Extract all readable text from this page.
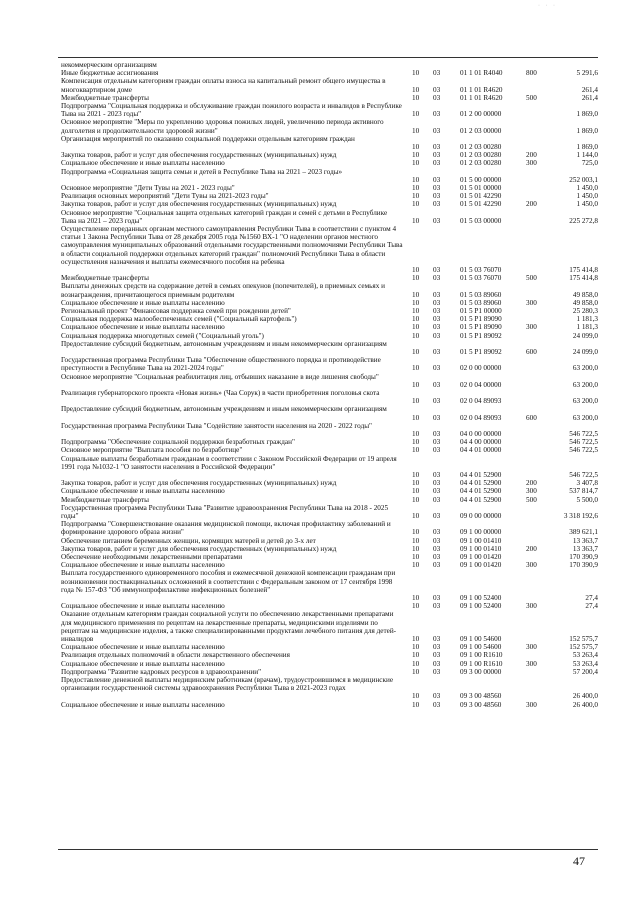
· · ·
некоммерческим организациям
Иные бюджетные ассигнования	10 03	01 1 01 R4040	800	5 291,6
Компенсация отдельным категориям граждан оплаты взноса на капитальный ремонт общего имущества в многоквартирном доме	10 03	01 1 01 R4620	261,4
Межбюджетные трансферты	10 03	01 1 01 R4620	500	261,4
Подпрограмма "Социальная поддержка и обслуживание граждан пожилого возраста и инвалидов в Республике Тыва на 2021 - 2023 годы"	10 03	01 2 00 00000	1 869,0
Основное мероприятие "Меры по укреплению здоровья пожилых людей, увеличению периода активного долголетия и продолжительности здоровой жизни"	10 03	01 2 03 00000	1 869,0
Организация мероприятий по оказанию социальной поддержки отдельным категориям граждан
10 03	01 2 03 00280	1 869,0
Закупка товаров, работ и услуг для обеспечения государственных (муниципальных) нужд	10 03	01 2 03 00280	200	1 144,0
Социальное обеспечение и иные выплаты населению	10 03	01 2 03 00280	300	725,0
Подпрограмма «Социальная защита семьи и детей в Республике Тыва на 2021 – 2023 годы»
10 03	01 5 00 00000	252 003,1
Основное мероприятие "Дети Тувы на 2021 - 2023 годы"	10 03	01 5 01 00000	1 450,0
Реализация основных мероприятий "Дети Тувы на 2021-2023 годы"	10 03	01 5 01 42290	1 450,0
Закупка товаров, работ и услуг для обеспечения государственных (муниципальных) нужд	10 03	01 5 01 42290	200	1 450,0
Основное мероприятие "Социальная защита отдельных категорий граждан и семей с детьми в Республике Тыва на 2021 – 2023 годы"	10 03	01 5 03 00000	225 272,8
Осуществление переданных органам местного самоуправления Республики Тыва в соответствии с пунктом 4 статьи 1 Закона Республики Тыва от 28 декабря 2005 года №1560 ВХ-1 "О наделении органов местного самоуправления муниципальных образований отдельными государственными полномочиями Республики Тыва в области социальной поддержки отдельных категорий граждан" полномочий Республики Тыва в области осуществления назначения и выплаты ежемесячного пособия на ребенка
10 03	01 5 03 76070	175 414,8
Межбюджетные трансферты	10 03	01 5 03 76070	500	175 414,8
Выплаты денежных средств на содержание детей в семьях опекунов (попечителей), в приемных семьях и вознаграждения, причитающегося приемным родителям	10 03	01 5 03 89060	49 858,0
Социальное обеспечение и иные выплаты населению	10 03	01 5 03 89060	300	49 858,0
Региональный проект "Финансовая поддержка семей при рождении детей"	10 03	01 5 P1 00000	25 280,3
Социальная поддержка малообеспеченных семей ("Социальный картофель")	10 03	01 5 P1 89090	1 181,3
Социальное обеспечение и иные выплаты населению	10 03	01 5 P1 89090	300	1 181,3
Социальная поддержка многодетных семей ("Социальный уголь")	10 03	01 5 P1 89092	24 099,0
Предоставление субсидий бюджетным, автономным учреждениям и иным некоммерческим организациям
10 03	01 5 P1 89092	600	24 099,0
Государственная программа Республики Тыва "Обеспечение общественного порядка и противодействие преступности в Республике Тыва на 2021-2024 годы"	10 03	02 0 00 00000	63 200,0
Основное мероприятие "Социальная реабилитация лиц, отбывших наказание в виде лишения свободы"
10 03	02 0 04 00000	63 200,0
Реализация губернаторского проекта «Новая жизнь» (Чаа Сорук) в части приобретения поголовья скота
10 03	02 0 04 89093	63 200,0
Предоставление субсидий бюджетным, автономным учреждениям и иным некоммерческим организациям
10 03	02 0 04 89093	600	63 200,0
Государственная программа Республики Тыва "Содействие занятости населения на 2020 - 2022 годы"
10 03	04 0 00 00000	546 722,5
Подпрограмма "Обеспечение социальной поддержки безработных граждан"	10 03	04 4 00 00000	546 722,5
Основное мероприятие "Выплата пособия по безработице"	10 03	04 4 01 00000	546 722,5
Социальные выплаты безработным гражданам в соответствии с Законом Российской Федерации от 19 апреля 1991 года №1032-1 "О занятости населения в Российской Федерации"
10 03	04 4 01 52900	546 722,5
Закупка товаров, работ и услуг для обеспечения государственных (муниципальных) нужд	10 03	04 4 01 52900	200	3 407,8
Социальное обеспечение и иные выплаты населению	10 03	04 4 01 52900	300	537 814,7
Межбюджетные трансферты	10 03	04 4 01 52900	500	5 500,0
Государственная программа Республики Тыва "Развитие здравоохранения Республики Тыва на 2018 - 2025 годы"	10 03	09 0 00 00000	3 318 192,6
Подпрограмма "Совершенствование оказания медицинской помощи, включая профилактику заболеваний и формирование здорового образа жизни"	10 03	09 1 00 00000	389 621,1
Обеспечение питанием беременных женщин, кормящих матерей и детей до 3-х лет	10 03	09 1 00 01410	13 363,7
Закупка товаров, работ и услуг для обеспечения государственных (муниципальных) нужд	10 03	09 1 00 01410	200	13 363,7
Обеспечение необходимыми лекарственными препаратами	10 03	09 1 00 01420	170 390,9
Социальное обеспечение и иные выплаты населению	10 03	09 1 00 01420	300	170 390,9
Выплата государственного единовременного пособия и ежемесячной денежной компенсации гражданам при возникновении поствакцинальных осложнений в соответствии с Федеральным законом от 17 сентября 1998 года № 157-ФЗ "Об иммунопрофилактике инфекционных болезней"
10 03	09 1 00 52400	27,4
Социальное обеспечение и иные выплаты населению	10 03	09 1 00 52400	300	27,4
Оказание отдельным категориям граждан социальной услуги по обеспечению лекарственными препаратами для медицинского применения по рецептам на лекарственные препараты, медицинскими изделиями по рецептам на медицинские изделия, а также специализированными продуктами лечебного питания для детей-инвалидов	10 03	09 1 00 54600	152 575,7
Социальное обеспечение и иные выплаты населению	10 03	09 1 00 54600	300	152 575,7
Реализация отдельных полномочий в области лекарственного обеспечения	10 03	09 1 00 R1610	53 263,4
Социальное обеспечение и иные выплаты населению	10 03	09 1 00 R1610	300	53 263,4
Подпрограмма "Развитие кадровых ресурсов в здравоохранении"	10 03	09 3 00 00000	57 200,4
Предоставление денежной выплаты медицинским работникам (врачам), трудоустроившимся в медицинские организации государственной системы здравоохранения Республики Тыва в 2021-2023 годах
10 03	09 3 00 48560	26 400,0
Социальное обеспечение и иные выплаты населению	10 03	09 3 00 48560	300	26 400,0
47
